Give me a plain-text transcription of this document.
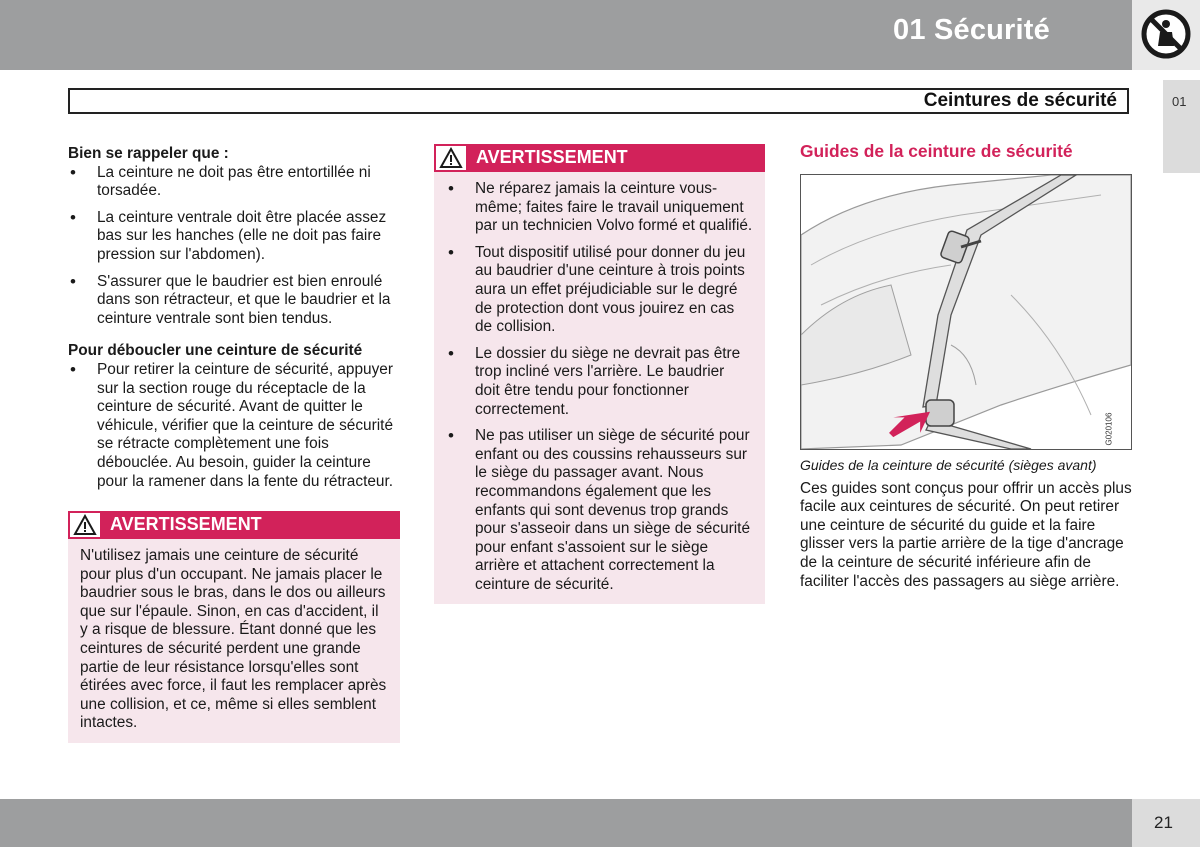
01 Sécurité
01
Ceintures de sécurité
Bien se rappeler que :
• La ceinture ne doit pas être entortillée ni torsadée.
• La ceinture ventrale doit être placée assez bas sur les hanches (elle ne doit pas faire pression sur l'abdomen).
• S'assurer que le baudrier est bien enroulé dans son rétracteur, et que le baudrier et la ceinture ventrale sont bien tendus.
Pour déboucler une ceinture de sécurité
• Pour retirer la ceinture de sécurité, appuyer sur la section rouge du réceptacle de la ceinture de sécurité. Avant de quitter le véhicule, vérifier que la ceinture de sécurité se rétracte complètement une fois débouclée. Au besoin, guider la ceinture pour la ramener dans la fente du rétracteur.
AVERTISSEMENT
N'utilisez jamais une ceinture de sécurité pour plus d'un occupant. Ne jamais placer le baudrier sous le bras, dans le dos ou ailleurs que sur l'épaule. Sinon, en cas d'accident, il y a risque de blessure. Étant donné que les ceintures de sécurité perdent une grande partie de leur résistance lorsqu'elles sont étirées avec force, il faut les remplacer après une collision, et ce, même si elles semblent intactes.
AVERTISSEMENT
• Ne réparez jamais la ceinture vous-même; faites faire le travail uniquement par un technicien Volvo formé et qualifié.
• Tout dispositif utilisé pour donner du jeu au baudrier d'une ceinture à trois points aura un effet préjudiciable sur le degré de protection dont vous jouirez en cas de collision.
• Le dossier du siège ne devrait pas être trop incliné vers l'arrière. Le baudrier doit être tendu pour fonctionner correctement.
• Ne pas utiliser un siège de sécurité pour enfant ou des coussins rehausseurs sur le siège du passager avant. Nous recommandons également que les enfants qui sont devenus trop grands pour s'asseoir dans un siège de sécurité pour enfant s'assoient sur le siège arrière et attachent correctement la ceinture de sécurité.
Guides de la ceinture de sécurité
G020106
Guides de la ceinture de sécurité (sièges avant)
Ces guides sont conçus pour offrir un accès plus facile aux ceintures de sécurité. On peut retirer une ceinture de sécurité du guide et la faire glisser vers la partie arrière de la tige d'ancrage de la ceinture de sécurité inférieure afin de faciliter l'accès des passagers au siège arrière.
21
